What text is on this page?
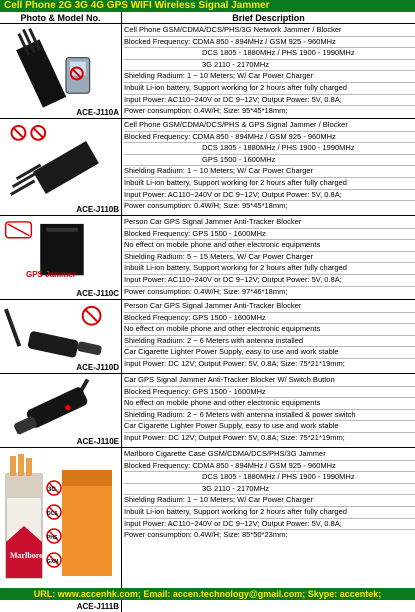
Cell Phone 2G 3G 4G GPS WIFI Wireless Signal Jammer
Photo & Model No.	Brief Description
ACE-J110A
Cell Phone GSM/CDMA/DCS/PHS/3G Network Jammer / Blocker
Blocked Frequency: CDMA 850 - 894MHz / GSM 925 - 960MHz
DCS 1805 - 1880MHz / PHS 1900 - 1990MHz
3G 2110 - 2170MHz
Shielding Radium: 1 ~ 10 Meters; W/ Car Power Charger
Inbuilt Li-ion battery, Support working for 2 hours after fully charged
Input Power: AC110~240V or DC 9~12V; Output Power: 5V, 0.8A;
Power consumption: 0.4W/H; Size: 95*45*18mm;
ACE-J110B
Cell Phone GSM/CDMA/DCS/PHS & GPS Signal Jammer / Blocker
Blocked Frequency: CDMA 850 - 894MHz / GSM 925 - 960MHz
DCS 1805 - 1880MHz / PHS 1900 - 1990MHz
GPS 1500 - 1600MHz
Shielding Radium: 1 ~ 10 Meters; W/ Car Power Charger
Inbuilt Li-ion battery, Support working for 2 hours after fully charged
Input Power: AC110~240V or DC 9~12V; Output Power: 5V, 0.8A;
Power consumption: 0.4W/H; Size: 95*45*18mm;
GPS Jammer
ACE-J110C
Person Car GPS Signal Jammer Anti-Tracker Blocker
Blocked Frequency: GPS 1500 - 1600MHz
No effect on mobile phone and other electronic equipments
Shielding Radium: 5 ~ 15 Meters, W/ Car Power Charger
Inbuilt Li-ion battery, Support working for 2 hours after fully charged
Input Power: AC110~240V or DC 9~12V; Output Power: 5V, 0.8A;
Power consumption: 0.4W/H; Size: 97*46*18mm;
ACE-J110D
Person Car GPS Signal Jammer Anti-Tracker Blocker
Blocked Frequency: GPS 1500 - 1600MHz
No effect on mobile phone and other electronic equipments
Shielding Radium: 2 ~ 6 Meters with antenna installed
Car Cigarette Lighter Power Supply, easy to use and work stable
Input Power: DC 12V; Output Power: 5V, 0.8A; Size: 75*21*19mm;
ACE-J110E
Car GPS Signal Jammer Anti-Tracker Blocker W/ Switch Button
Blocked Frequency: GPS 1500 - 1600MHz
No effect on mobile phone and other electronic equipments
Shielding Radium: 2 ~ 6 Meters with antenna installed & power switch
Car Cigarette Lighter Power Supply, easy to use and work stable
Input Power: DC 12V; Output Power: 5V, 0.8A; Size: 75*21*19mm;
Marlboro
3G
DCS
PHS
GXM
ACE-J111B
Marlboro Cigarette Case GSM/CDMA/DCS/PHS/3G Jammer
Blocked Frequency: CDMA 850 - 894MHz / GSM 925 - 960MHz
DCS 1805 - 1880MHz / PHS 1900 - 1990MHz
3G 2110 - 2170MHz
Shielding Radium: 1 ~ 10 Meters; W/ Car Power Charger
Inbuilt Li-ion battery, Support working for 2 hours after fully charged
Input Power: AC110~240V or DC 9~12V; Output Power: 5V, 0.8A;
Power consumption: 0.4W/H; Size: 85*50*23mm;
URL: www.accenhk.com; Email: accen.technology@gmail.com; Skype: accentek;
